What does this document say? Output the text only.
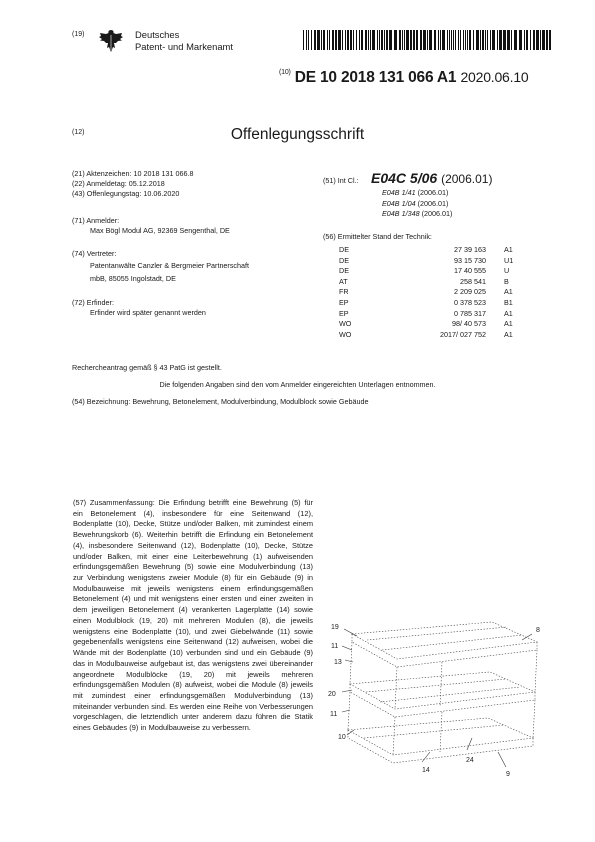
(19)	Deutsches
Patent- und Markenamt
$^{(10)}$ DE 10 2018 131 066 A1 2020.06.10
(12)	Offenlegungsschrift
(21) Aktenzeichen: 10 2018 131 066.8
(22) Anmeldetag: 05.12.2018
(43) Offenlegungstag: 10.06.2020
(71) Anmelder:
Max Bögl Modul AG, 92369 Sengenthal, DE
(74) Vertreter:
Patentanwälte Canzler & Bergmeier Partnerschaft
mbB, 85055 Ingolstadt, DE
(72) Erfinder:
Erfinder wird später genannt werden
(51) Int Cl.: E04C 5/06 (2006.01)
E04B 1/41 (2006.01)
E04B 1/04 (2006.01)
E04B 1/348 (2006.01)
(56) Ermittelter Stand der Technik:
DE	27 39 163	A1
DE	93 15 730	U1
DE	17 40 555	U
AT	258 541	B
FR	2 209 025	A1
EP	0 378 523	B1
EP	0 785 317	A1
WO	98/ 40 573	A1
WO	2017/ 027 752	A1
Rechercheantrag gemäß § 43 PatG ist gestellt.
Die folgenden Angaben sind den vom Anmelder eingereichten Unterlagen entnommen.
(54) Bezeichnung: Bewehrung, Betonelement, Modulverbindung, Modulblock sowie Gebäude
(57) Zusammenfassung: Die Erfindung betrifft eine Bewehrung (5) für ein Betonelement (4), insbesondere für eine Seitenwand (12), Bodenplatte (10), Decke, Stütze und/oder Balken, mit zumindest einem Bewehrungskorb (6). Weiterhin betrifft die Erfindung ein Betonelement (4), insbesondere Seitenwand (12), Bodenplatte (10), Decke, Stütze und/oder Balken, mit einer eine Leiterbewehrung (1) aufweisenden erfindungsgemäßen Bewehrung (5) sowie eine Modulverbindung (13) zur Verbindung wenigstens zweier Module (8) für ein Gebäude (9) in Modulbauweise mit jeweils wenigstens einem erfindungsgemäßen Betonelement (4) und mit wenigstens einer ersten und einer zweiten in dem jeweiligen Betonelement (4) verankerten Lagerplatte (14) sowie einen Modulblock (19, 20) mit mehreren Modulen (8), die jeweils wenigstens eine Bodenplatte (10), und zwei Giebelwände (11) sowie gegebenenfalls wenigstens eine Seitenwand (12) aufweisen, wobei die Wände mit der Bodenplatte (10) verbunden sind und ein Gebäude (9) das in Modulbauweise aufgebaut ist, das wenigstens zwei übereinander angeordnete Modulblöcke (19, 20) mit jeweils mehreren erfindungsgemäßen Modulen (8) aufweist, wobei die Module (8) jeweils mit zumindest einer erfindungsgemäßen Modulverbindung (13) miteinander verbunden sind. Es werden eine Reihe von Verbesserungen vorgeschlagen, die letztendlich unter anderem dazu führen die Statik eines Gebäudes (9) in Modulbauweise zu verbessern.
19
11
13
20
11
10
8
14
24
9
